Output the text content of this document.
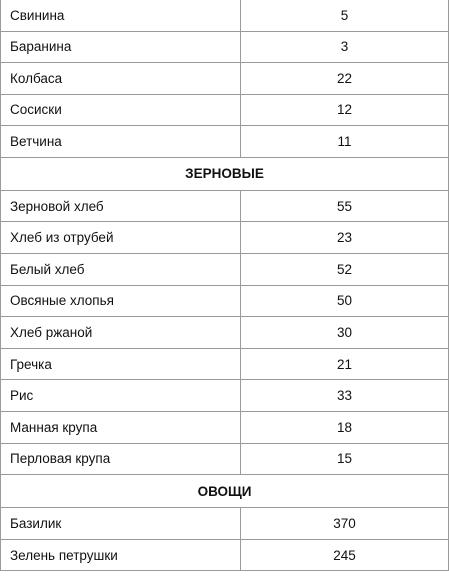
Свинина	5
Баранина	3
Колбаса	22
Сосиски	12
Ветчина	11
ЗЕРНОВЫЕ	
Зерновой хлеб	55
Хлеб из отрубей	23
Белый хлеб	52
Овсяные хлопья	50
Хлеб ржаной	30
Гречка	21
Рис	33
Манная крупа	18
Перловая крупа	15
ОВОЩИ	
Базилик	370
Зелень петрушки	245
